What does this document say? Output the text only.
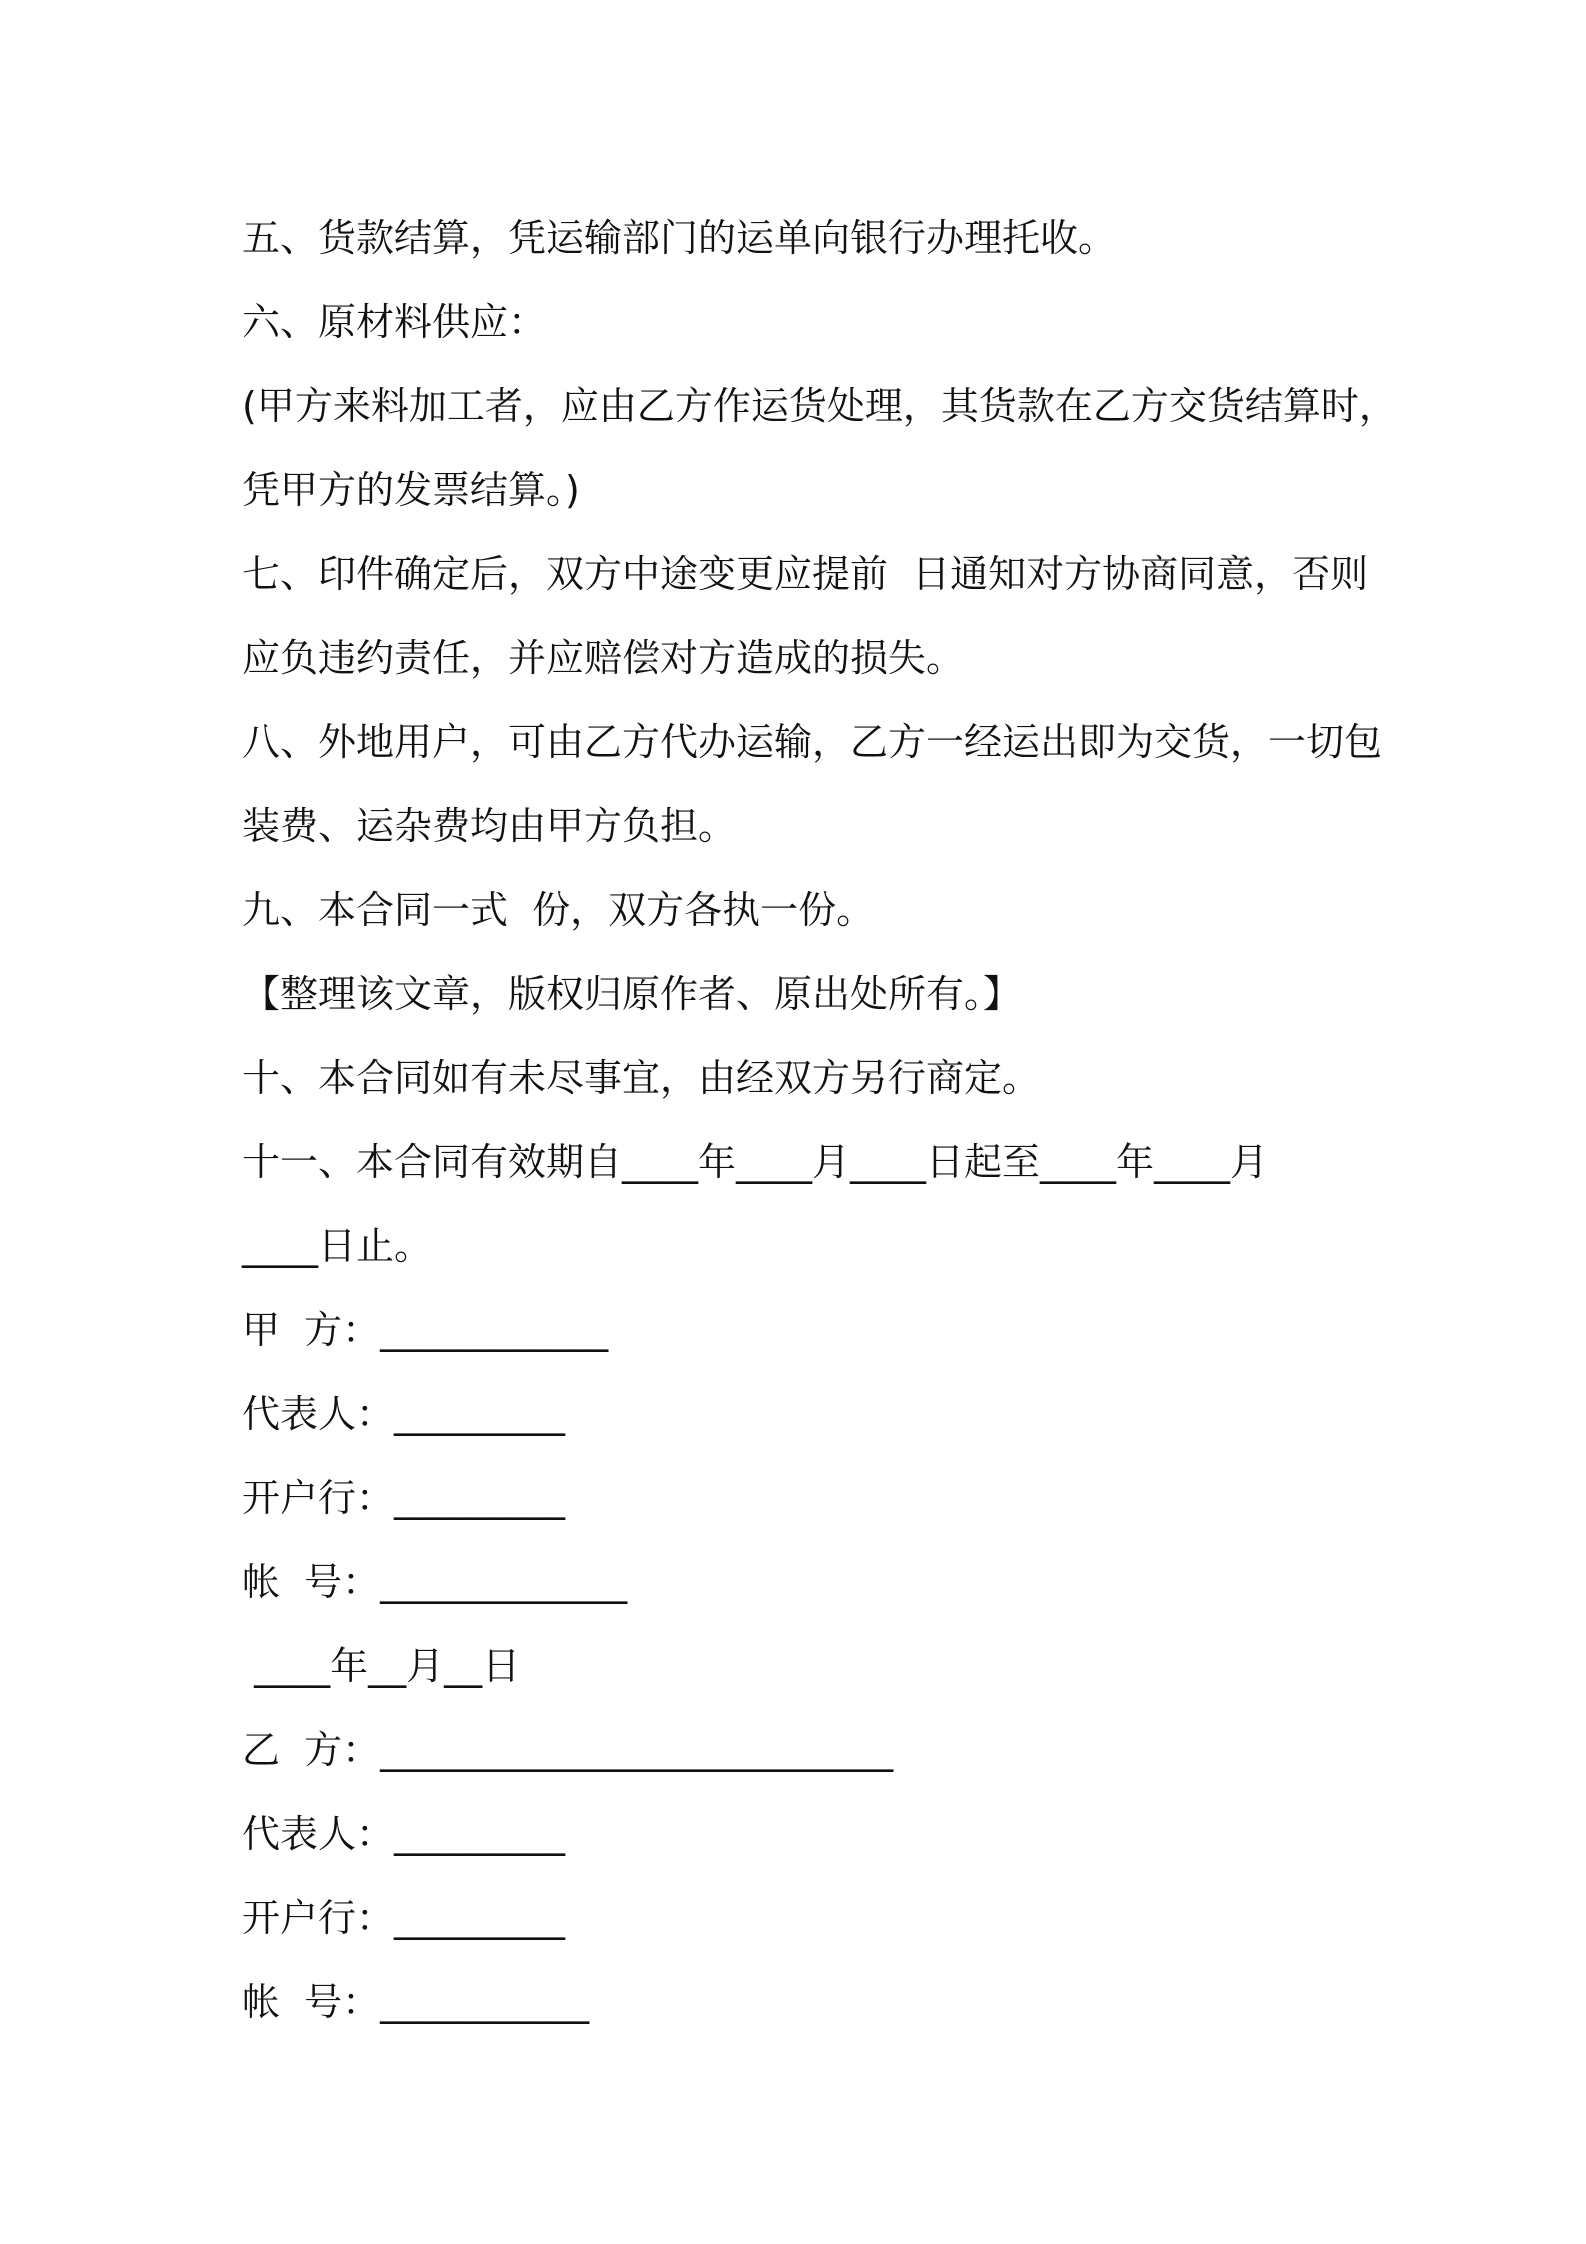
五、货款结算，凭运输部门的运单向银行办理托收。
六、原材料供应：
(甲方来料加工者，应由乙方作运货处理，其货款在乙方交货结算时，
凭甲方的发票结算。)
七、印件确定后，双方中途变更应提前  日通知对方协商同意，否则
应负违约责任，并应赔偿对方造成的损失。
八、外地用户，可由乙方代办运输，乙方一经运出即为交货，一切包
装费、运杂费均由甲方负担。
九、本合同一式  份，双方各执一份。
【整理该文章，版权归原作者、原出处所有。】
十、本合同如有未尽事宜，由经双方另行商定。
十一、本合同有效期自____年____月____日起至____年____月
____日止。
甲  方：____________
代表人：_________
开户行：_________
帐  号：_____________
____年__月__日
乙  方：___________________________
代表人：_________
开户行：_________
帐  号：___________
